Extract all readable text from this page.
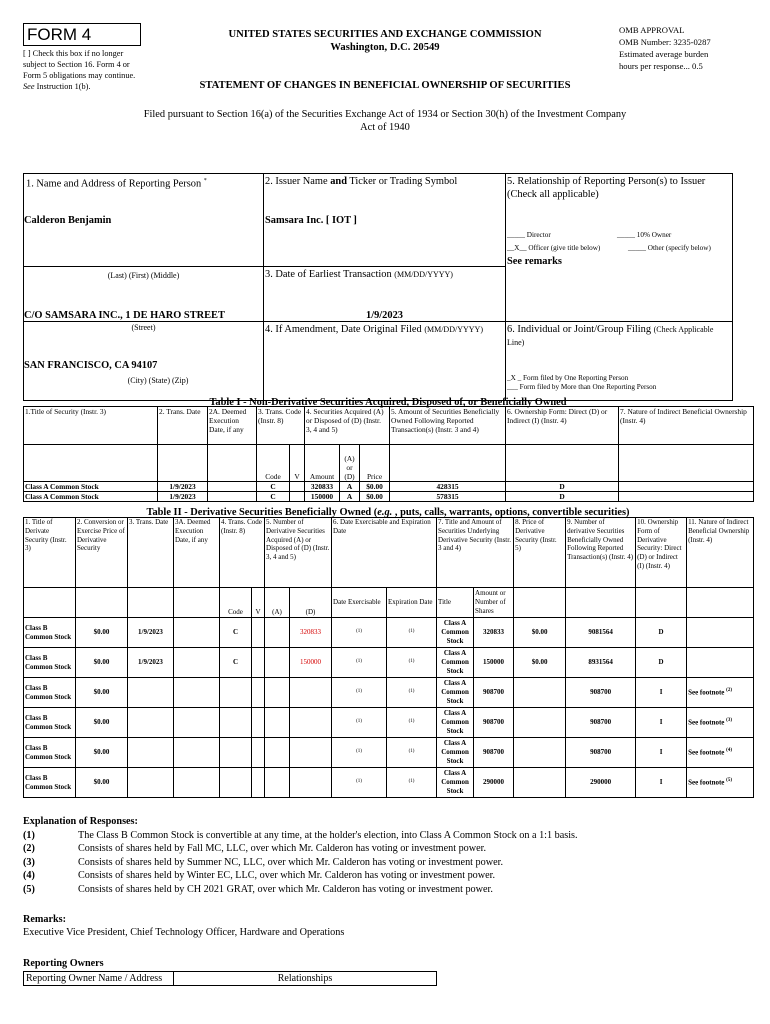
FORM 4
[ ] Check this box if no longer subject to Section 16. Form 4 or Form 5 obligations may continue. See Instruction 1(b).
UNITED STATES SECURITIES AND EXCHANGE COMMISSION
Washington, D.C. 20549
OMB APPROVAL
OMB Number: 3235-0287
Estimated average burden
hours per response... 0.5
STATEMENT OF CHANGES IN BENEFICIAL OWNERSHIP OF SECURITIES
Filed pursuant to Section 16(a) of the Securities Exchange Act of 1934 or Section 30(h) of the Investment Company Act of 1940
1. Name and Address of Reporting Person *
Calderon Benjamin
(Last) (First) (Middle)
C/O SAMSARA INC., 1 DE HARO STREET
(Street)
SAN FRANCISCO, CA 94107
(City) (State) (Zip)
2. Issuer Name and Ticker or Trading Symbol
Samsara Inc. [ IOT ]
3. Date of Earliest Transaction (MM/DD/YYYY)
1/9/2023
4. If Amendment, Date Original Filed (MM/DD/YYYY)
5. Relationship of Reporting Person(s) to Issuer
(Check all applicable)
_____ Director	_____ 10% Owner
__X__ Officer (give title below)	_____ Other (specify below)
See remarks
6. Individual or Joint/Group Filing (Check Applicable Line)
_X _ Form filed by One Reporting Person
___ Form filed by More than One Reporting Person
Table I - Non-Derivative Securities Acquired, Disposed of, or Beneficially Owned
1.Title of Security (Instr. 3)	2. Trans. Date	2A. Deemed Execution Date, if any	3. Trans. Code (Instr. 8)		4. Securities Acquired (A) or Disposed of (D) (Instr. 3, 4 and 5)			5. Amount of Securities Beneficially Owned Following Reported Transaction(s) (Instr. 3 and 4)	6. Ownership Form: Direct (D) or Indirect (I) (Instr. 4)	7. Nature of Indirect Beneficial Ownership (Instr. 4)
			Code	V	Amount	(A) or (D)	Price			
Class A Common Stock	1/9/2023		C		320833	A	$0.00	428315	D	
Class A Common Stock	1/9/2023		C		150000	A	$0.00	578315	D	
Table II - Derivative Securities Beneficially Owned (e.g. , puts, calls, warrants, options, convertible securities)
1. Title of Derivate Security (Instr. 3)	2. Conversion or Exercise Price of Derivative Security	3. Trans. Date	3A. Deemed Execution Date, if any	4. Trans. Code (Instr. 8)		5. Number of Derivative Securities Acquired (A) or Disposed of (D) (Instr. 3, 4 and 5)		6. Date Exercisable and Expiration Date		7. Title and Amount of Securities Underlying Derivative Security (Instr. 3 and 4)		8. Price of Derivative Security (Instr. 5)	9. Number of derivative Securities Beneficially Owned Following Reported Transaction(s) (Instr. 4)	10. Ownership Form of Derivative Security: Direct (D) or Indirect (I) (Instr. 4)	11. Nature of Indirect Beneficial Ownership (Instr. 4)
				Code	V	(A)	(D)	Date Exercisable	Expiration Date	Title	Amount or Number of Shares				
Class B Common Stock	$0.00	1/9/2023		C			320833	(1)	(1)	Class A Common Stock	320833	$0.00	9081564	D	
Class B Common Stock	$0.00	1/9/2023		C			150000	(1)	(1)	Class A Common Stock	150000	$0.00	8931564	D	
Class B Common Stock	$0.00							(1)	(1)	Class A Common Stock	908700		908700	I	See footnote $^{(2)}$
Class B Common Stock	$0.00							(1)	(1)	Class A Common Stock	908700		908700	I	See footnote $^{(3)}$
Class B Common Stock	$0.00							(1)	(1)	Class A Common Stock	908700		908700	I	See footnote $^{(4)}$
Class B Common Stock	$0.00							(1)	(1)	Class A Common Stock	290000		290000	I	See footnote $^{(5)}$
Explanation of Responses:
(1)	The Class B Common Stock is convertible at any time, at the holder's election, into Class A Common Stock on a 1:1 basis.
(2)	Consists of shares held by Fall MC, LLC, over which Mr. Calderon has voting or investment power.
(3)	Consists of shares held by Summer NC, LLC, over which Mr. Calderon has voting or investment power.
(4)	Consists of shares held by Winter EC, LLC, over which Mr. Calderon has voting or investment power.
(5)	Consists of shares held by CH 2021 GRAT, over which Mr. Calderon has voting or investment power.
Remarks:
Executive Vice President, Chief Technology Officer, Hardware and Operations
Reporting Owners
Reporting Owner Name / Address	Relationships
